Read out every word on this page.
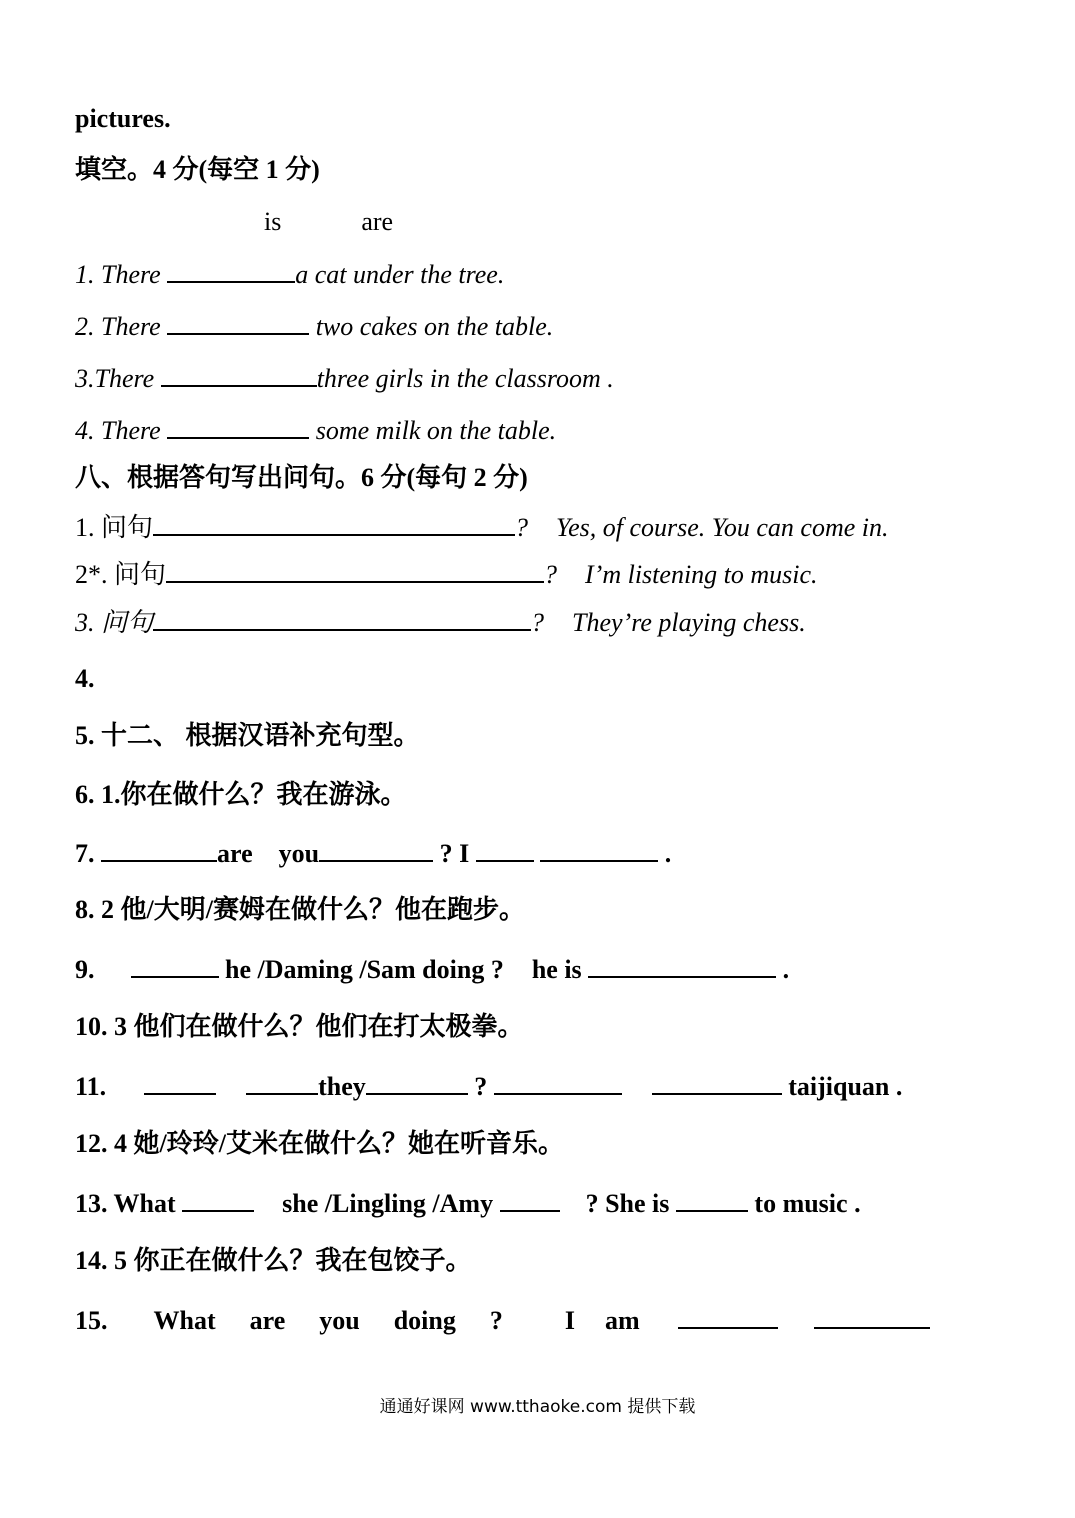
pictures.
填空。4 分(每空 1 分)
is	are
1. There	a cat under the tree.
2. There	two cakes on the table.
3.There	three girls in the classroom .
4. There	some milk on the table.
八、根据答句写出问句。6 分(每句 2 分)
1. 问句	? Yes, of course. You can come in.
2*. 问句	? I’m listening to music.
3. 问句	? They’re playing chess.
4.
5. 十二、 根据汉语补充句型。
6. 1.你在做什么？我在游泳。
7.	are you	? I	.
8. 2 他/大明/赛姆在做什么？他在跑步。
9.	he /Daming /Sam doing ? he is	.
10. 3 他们在做什么？他们在打太极拳。
11.	they	?	taijiquan .
12. 4 她/玲玲/艾米在做什么？她在听音乐。
13. What	she /Lingling /Amy	? She is	to music .
14. 5 你正在做什么？我在包饺子。
15. What are you doing ? I am
通通好课网 www.tthaoke.com 提供下载
